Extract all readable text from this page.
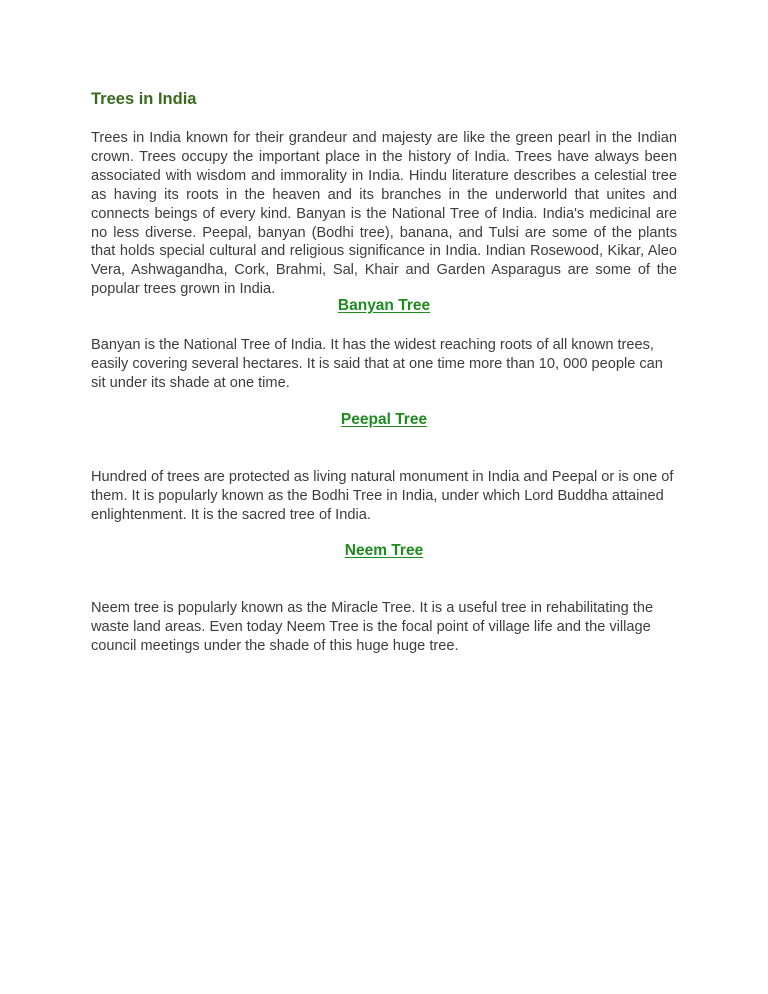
Trees in India

Trees in India known for their grandeur and majesty are like the green pearl in the Indian crown. Trees occupy the important place in the history of India. Trees have always been associated with wisdom and immorality in India. Hindu literature describes a celestial tree as having its roots in the heaven and its branches in the underworld that unites and connects beings of every kind. Banyan is the National Tree of India. India's medicinal are no less diverse. Peepal, banyan (Bodhi tree), banana, and Tulsi are some of the plants that holds special cultural and religious significance in India. Indian Rosewood, Kikar, Aleo Vera, Ashwagandha, Cork, Brahmi, Sal, Khair and Garden Asparagus are some of the popular trees grown in India.

Banyan Tree

Banyan is the National Tree of India. It has the widest reaching roots of all known trees, easily covering several hectares. It is said that at one time more than 10, 000 people can sit under its shade at one time.

Peepal Tree

Hundred of trees are protected as living natural monument in India and Peepal or is one of them. It is popularly known as the Bodhi Tree in India, under which Lord Buddha attained enlightenment. It is the sacred tree of India.

Neem Tree

Neem tree is popularly known as the Miracle Tree. It is a useful tree in rehabilitating the waste land areas. Even today Neem Tree is the focal point of village life and the village council meetings under the shade of this huge huge tree.
